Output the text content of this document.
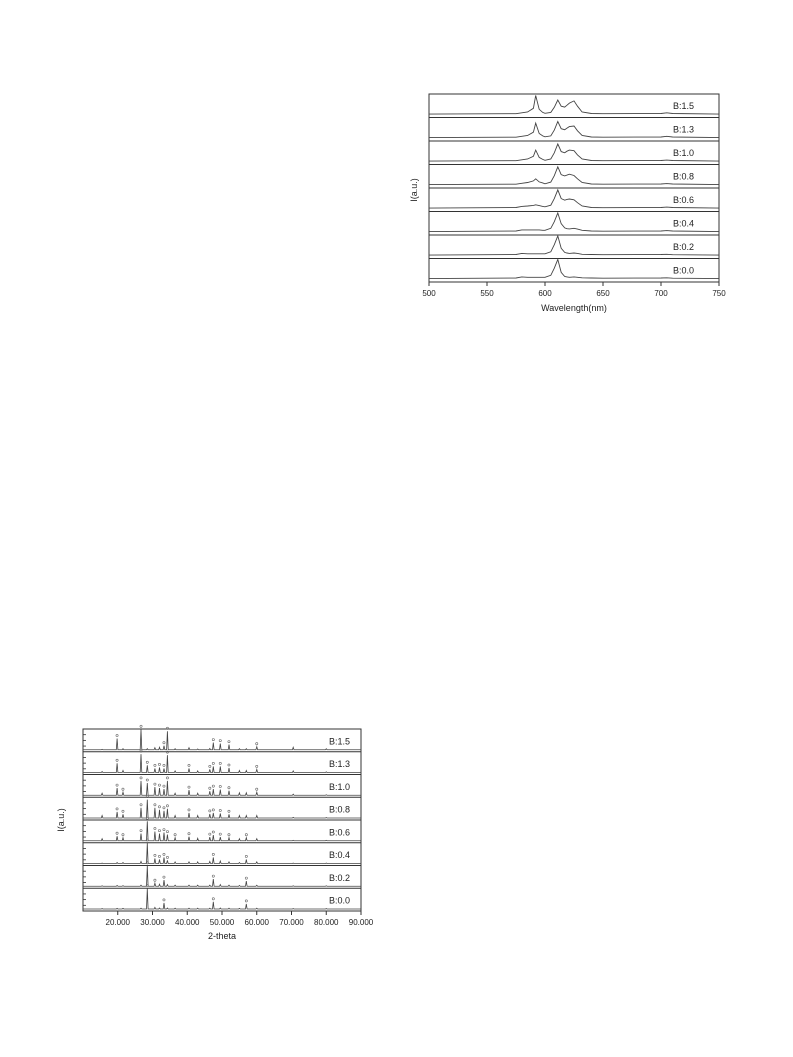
I(a.u.)
Wavelength(nm)
B:1.5
B:1.3
B:1.0
B:0.8
B:0.6
B:0.4
B:0.2
B:0.0
500	550	600	650	700	750
I(a.u.)
2-theta
B:1.5
B:1.3
B:1.0
B:0.8
B:0.6
B:0.4
B:0.2
B:0.0
20.000 30.000 40.000 50.000 60.000 70.000 80.000 90.000
